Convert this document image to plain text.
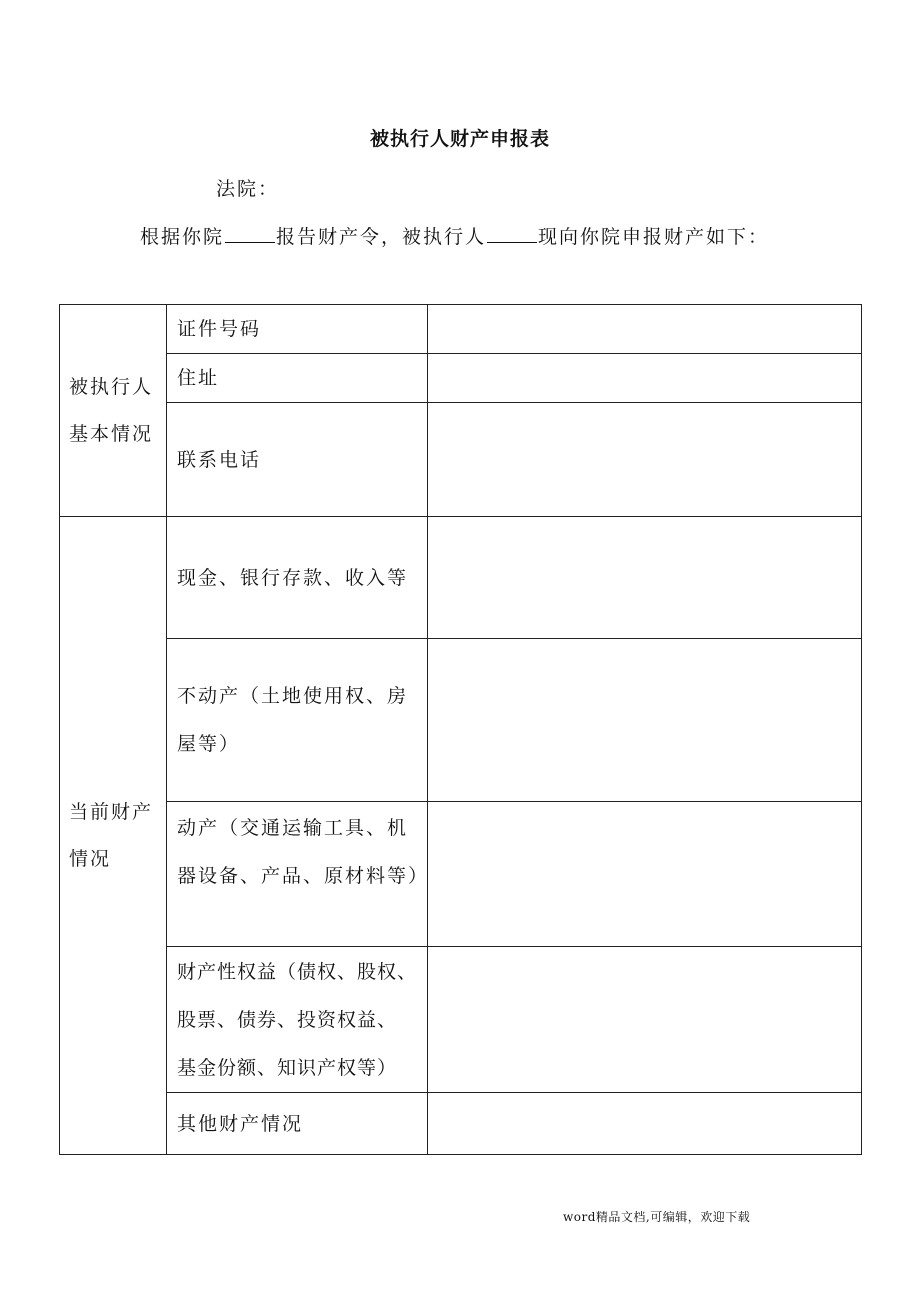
被执行人财产申报表
法院：
根据你院	报告财产令，被执行人	现向你院申报财产如下：
被执行人
基本情况	证件号码	
	住址	
	联系电话	

当前财产
情况	现金、银行存款、收入等	

	不动产（土地使用权、房
屋等）	

	动产（交通运输工具、机
器设备、产品、原材料等）	

	财产性权益（债权、股权、
股票、债券、投资权益、
基金份额、知识产权等）	

	其他财产情况	

word精品文档,可编辑，欢迎下载
